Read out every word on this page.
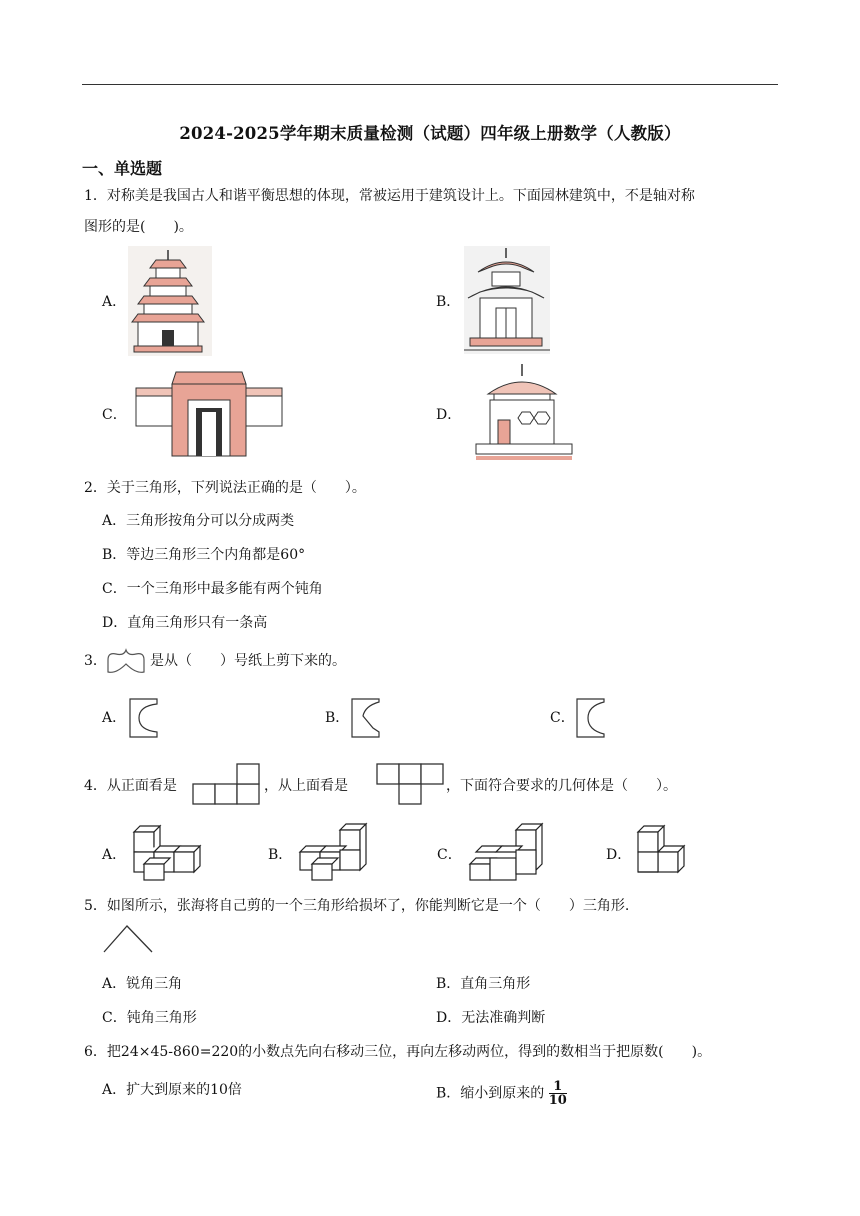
2024-2025学年期末质量检测（试题）四年级上册数学（人教版）
一、单选题
1．对称美是我国古人和谐平衡思想的体现，常被运用于建筑设计上。下面园林建筑中，不是轴对称
图形的是(　　)。
A．	B．
C．	D．
2．关于三角形，下列说法正确的是（　　）。
A．三角形按角分可以分成两类
B．等边三角形三个内角都是60°
C．一个三角形中最多能有两个钝角
D．直角三角形只有一条高
3．	是从（　　）号纸上剪下来的。
A．	B．	C．
4．从正面看是	，从上面看是	，下面符合要求的几何体是（　　）。
A．	B．	C．	D．
5．如图所示，张海将自己剪的一个三角形给损坏了，你能判断它是一个（　　）三角形.
A．锐角三角	B．直角三角形
C．钝角三角形	D．无法准确判断
6．把24×45-860=220的小数点先向右移动三位，再向左移动两位，得到的数相当于把原数(　　)。
A．扩大到原来的10倍	B．缩小到原来的 $\frac{1}{10}$
